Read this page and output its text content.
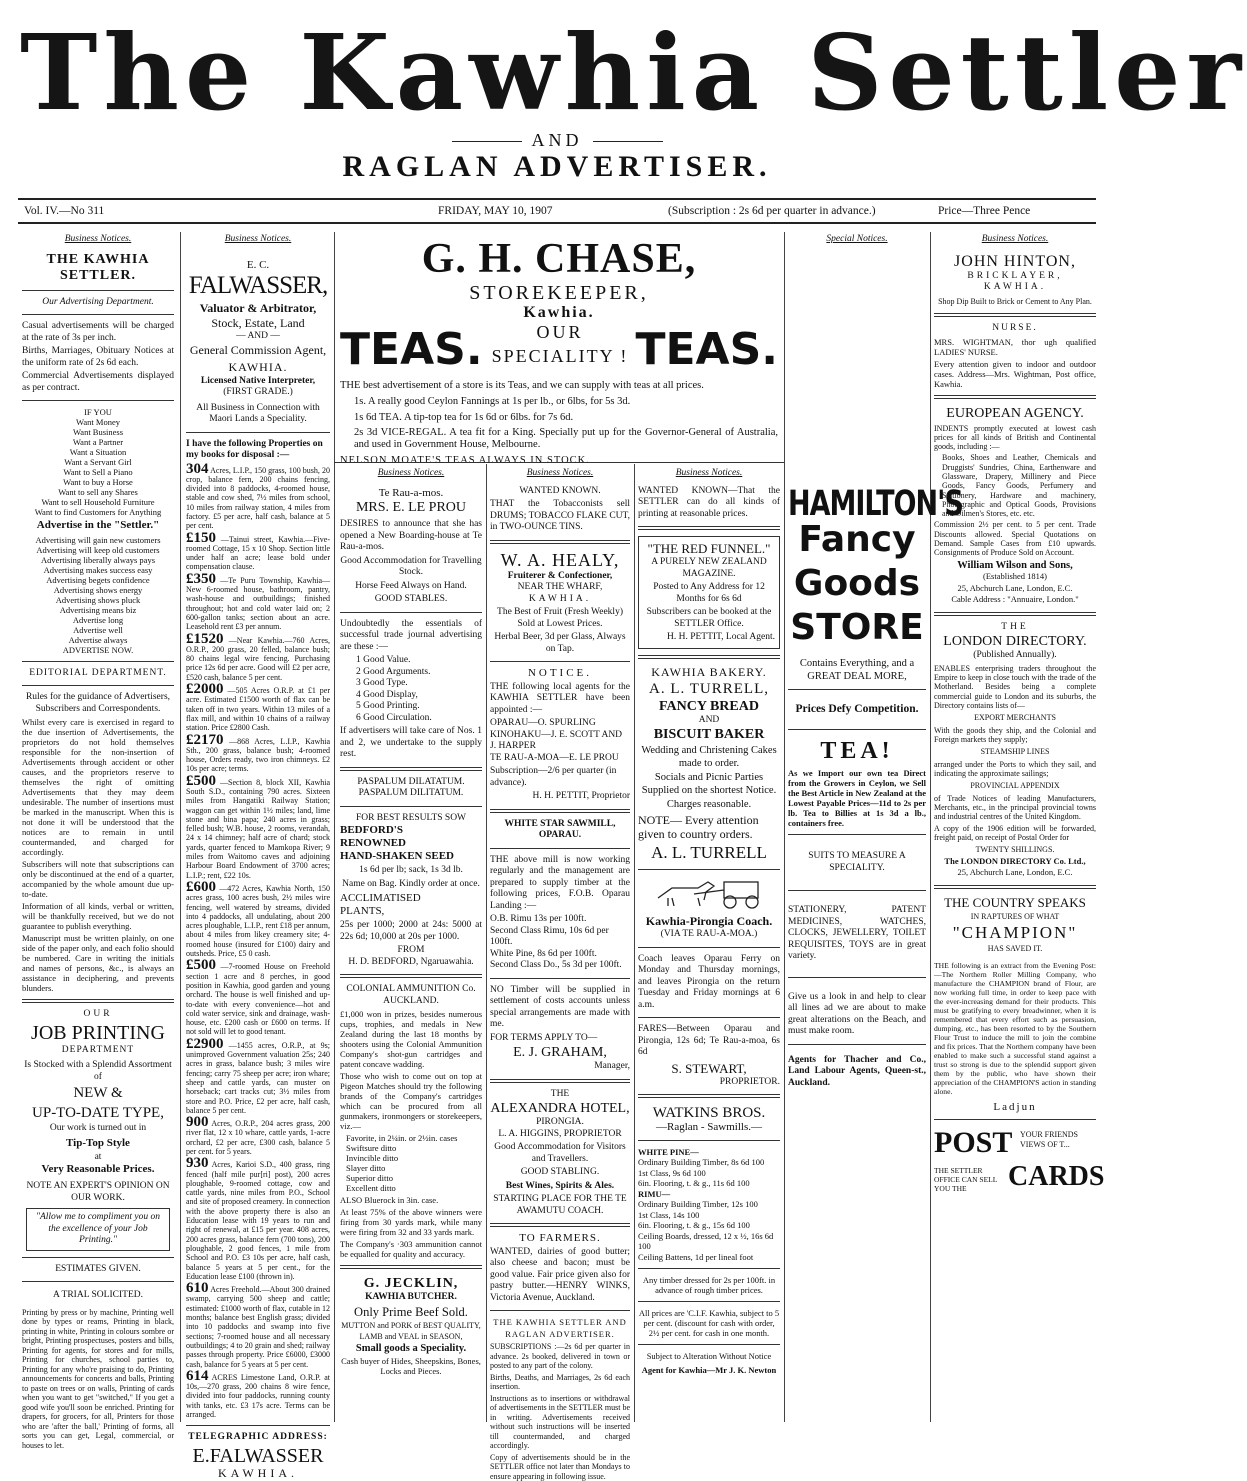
The Kawhia Settler
AND
RAGLAN ADVERTISER.
Vol. IV.—No 311	FRIDAY, MAY 10, 1907	(Subscription : 2s 6d per quarter in advance.)	Price—Three Pence
Business Notices.
THE KAWHIA SETTLER.
Our Advertising Department.

Casual advertisements will be charged at the rate of 3s per inch.

Births, Marriages, Obituary Notices at the uniform rate of 2s 6d each.

Commercial Advertisements displayed as per contract.

IF YOU
Want Money
Want Business
Want a Partner
Want a Situation
Want a Servant Girl
Want to Sell a Piano
Want to buy a Horse
Want to sell any Shares
Want to sell Household Furniture
Want to find Customers for Anything
Advertise in the "Settler."
Advertising will gain new customers
Advertising will keep old customers
Advertising liberally always pays
Advertising makes success easy
Advertising begets confidence
Advertising shows energy
Advertising shows pluck
Advertising means biz
Advertise long
Advertise well
Advertise always
ADVERTISE NOW.
EDITORIAL DEPARTMENT.

Rules for the guidance of Advertisers, Subscribers and Correspondents.

Whilst every care is exercised in regard to the due insertion of Advertisements, the proprietors do not hold themselves responsible for the non-insertion of Advertisements through accident or other causes, and the proprietors reserve to themselves the right of omitting Advertisements that they may deem undesirable. The number of insertions must be marked in the manuscript. When this is not done it will be understood that the notices are to remain in until countermanded, and charged for accordingly.

Subscribers will note that subscriptions can only be discontinued at the end of a quarter, accompanied by the whole amount due up-to-date.

Information of all kinds, verbal or written, will be thankfully received, but we do not guarantee to publish everything.

Manuscript must be written plainly, on one side of the paper only, and each folio should be numbered. Care in writing the initials and names of persons, &c., is always an assistance in deciphering, and prevents blunders.

OUR
JOB PRINTING
DEPARTMENT
Is Stocked with a Splendid Assortment of
NEW &
UP-TO-DATE TYPE,
Our work is turned out in
Tip-Top Style
at
Very Reasonable Prices.
NOTE AN EXPERT'S OPINION ON OUR WORK.
"Allow me to compliment you on the excellence of your Job Printing."
ESTIMATES GIVEN.
A TRIAL SOLICITED.

Printing by press or by machine, Printing well done by types or reams, Printing in black, printing in white, Printing in colours sombre or bright, Printing prospectuses, posters and bills, Printing for agents, for stores and for mills, Printing for churches, school parties to, Printing for any who're praising to do, Printing announcements for concerts and balls, Printing to paste on trees or on walls, Printing of cards when you want to get "switched," If you get a good wife you'll soon be enriched. Printing for drapers, for grocers, for all, Printers for those who are 'after the ball,' Printing of forms, all sorts you can get, Legal, commercial, or houses to let.

Business Notices.
E. C.
FALWASSER,
Valuator & Arbitrator,
Stock, Estate, Land
— AND —
General Commission Agent,
KAWHIA.
Licensed Native Interpreter,
(FIRST GRADE.)

All Business in Connection with Maori Lands a Speciality.

I have the following Properties on my books for disposal :—

304 Acres, L.I.P., 150 grass, 100 bush, 20 crop, balance fern, 200 chains fencing, divided into 8 paddocks, 4-roomed house, stable and cow shed, 7½ miles from school, 10 miles from railway station, 4 miles from factory. £5 per acre, half cash, balance at 5 per cent.
£150 —Tainui street, Kawhia.—Five-roomed Cottage, 15 x 10 Shop. Section little under half an acre; lease bold under compensation clause.
£350 —Te Puru Township, Kawhia—New 6-roomed house, bathroom, pantry, wash-house and outbuildings; finished throughout; hot and cold water laid on; 2 600-gallon tanks; section about an acre. Leasehold rent £3 per annum.
£1520 —Near Kawhia.—760 Acres, O.R.P., 200 grass, 20 felled, balance bush; 80 chains legal wire fencing. Purchasing price 12s 6d per acre. Good will £2 per acre, £520 cash, balance 5 per cent.
£2000 —505 Acres O.R.P. at £1 per acre. Estimated £1500 worth of flax can be taken off in two years. Within 13 miles of a flax mill, and within 10 chains of a railway station. Price £2800 Cash.
£2170 —868 Acres, L.I.P., Kawhia Sth., 200 grass, balance bush; 4-roomed house, Orders ready, two iron chimneys. £2 10s per acre; terms.
£500 —Section 8, block XII, Kawhia South S.D., containing 790 acres. Sixteen miles from Hangatiki Railway Station; waggon can get within 1½ miles; land, lime stone and bina papa; 240 acres in grass; felled bush; W.B. house, 2 rooms, verandah, 24 x 14 chimney; half acre of chard; stock yards, quarter fenced to Mamkopa River; 9 miles from Waitomo caves and adjoining Harbour Board Endowment of 3700 acres; L.I.P.; rent, £22 10s.
£600 —472 Acres, Kawhia North, 150 acres grass, 100 acres bush, 2½ miles wire fencing, well watered by streams, divided into 4 paddocks, all undulating, about 200 acres ploughable, L.I.P., rent £18 per annum, about 4 miles from likey creamery site; 4-roomed house (insured for £100) dairy and outsheds. Price, £5 0 cash.
£500 —7-roomed House on Freehold section 1 acre and 8 perches, in good position in Kawhia, good garden and young orchard. The house is well finished and up-to-date with every convenience—hot and cold water service, sink and drainage, wash-house, etc. £200 cash or £600 on terms. If not sold will let to good tenant.
£2900 —1455 acres, O.R.P., at 9s; unimproved Government valuation 25s; 240 acres in grass, balance bush; 3 miles wire fencing; carry 75 sheep per acre; iron whare; sheep and cattle yards, can muster on horseback; cart tracks cut; 3½ miles from store and P.O. Price, £2 per acre, half cash, balance 5 per cent.
900 Acres, O.R.P., 204 acres grass, 200 river flat, 12 x 10 whare, cattle yards, 1-acre orchard, £2 per acre, £300 cash, balance 5 per cent. for 5 years.
930 Acres, Karioi S.D., 400 grass, ring fenced (half mile pur[ri] post), 200 acres ploughable, 9-roomed cottage, cow and cattle yards, nine miles from P.O., School and site of proposed creamery. In connection with the above property there is also an Education lease with 19 years to run and right of renewal, at £15 per year. 408 acres, 200 acres grass, balance fern (700 tons), 200 ploughable, 2 good fences, 1 mile from School and P.O. £3 10s per acre, half cash, balance 5 years at 5 per cent., for the Education lease £100 (thrown in).
610 Acres Freehold.—About 300 drained swamp, carrying 500 sheep and cattle; estimated: £1000 worth of flax, cutable in 12 months; balance best English grass; divided into 10 paddocks and swamp into five sections; 7-roomed house and all necessary outbuildings; 4 to 20 grain and shed; railway passes through property. Price £6000, £3000 cash, balance for 5 years at 5 per cent.
614 ACRES Limestone Land, O.R.P. at 10s,—270 grass, 200 chains 8 wire fence, divided into four paddocks, running county with tanks, etc. £3 17s acre. Terms can be arranged.
TELEGRAPHIC ADDRESS:
E.FALWASSER
KAWHIA.
G. H. CHASE,
STOREKEEPER,
Kawhia.
TEAS.	OUR
SPECIALITY ! TEAS.

THE best advertisement of a store is its Teas, and we can supply with teas at all prices.

1s. A really good Ceylon Fannings at 1s per lb., or 6lbs, for 5s 3d.

1s 6d TEA. A tip-top tea for 1s 6d or 6lbs. for 7s 6d.

2s 3d VICE-REGAL. A tea fit for a King. Specially put up for the Governor-General of Australia, and used in Government House, Melbourne.

NELSON MOATE'S TEAS ALWAYS IN STOCK.

Business Notices.
Te Rau-a-mos.
MRS. E. LE PROU

DESIRES to announce that she has opened a New Boarding-house at Te Rau-a-mos.

Good Accommodation for Travelling Stock.

Horse Feed Always on Hand.

GOOD STABLES.

Undoubtedly the essentials of successful trade journal advertising are these :—

1 Good Value.
2 Good Arguments.
3 Good Type.
4 Good Display,
5 Good Printing.
6 Good Circulation.

If advertisers will take care of Nos. 1 and 2, we undertake to the supply rest.

PASPALUM DILATATUM.
PASPALUM DILITATUM.
FOR BEST RESULTS SOW
BEDFORD'S
RENOWNED
HAND-SHAKEN SEED

1s 6d per lb; sack, 1s 3d lb.

Name on Bag. Kindly order at once.

ACCLIMATISED
PLANTS,

25s per 1000; 2000 at 24s: 5000 at 22s 6d; 10,000 at 20s per 1000.

FROM
H. D. BEDFORD, Ngaruawahia.
COLONIAL AMMUNITION Co. AUCKLAND.

£1,000 won in prizes, besides numerous cups, trophies, and medals in New Zealand during the last 18 months by shooters using the Colonial Ammunition Company's shot-gun cartridges and patent concave wadding.

Those who wish to come out on top at Pigeon Matches should try the following brands of the Company's cartridges which can be procured from all gunmakers, ironmongers or storekeepers, viz.—

Favorite, in 2¼in. or 2½in. cases
Swiftsure ditto
Invincible ditto
Slayer ditto
Superior ditto
Excellent ditto

ALSO Bluerock in 3in. case.

At least 75% of the above winners were firing from 30 yards mark, while many were firing from 32 and 33 yards mark.

The Company's ·303 ammunition cannot be equalled for quality and accuracy.

G. JECKLIN,
KAWHIA BUTCHER.
Only Prime Beef Sold.
MUTTON and PORK of BEST QUALITY,
LAMB and VEAL in SEASON,
Small goods a Speciality.

Cash buyer of Hides, Sheepskins, Bones, Locks and Pieces.

Business Notices.
WANTED KNOWN.

THAT the Tobacconists sell DRUMS; TOBACCO FLAKE CUT, in TWO-OUNCE TINS.

W. A. HEALY,
Fruiterer & Confectioner,
NEAR THE WHARF,
KAWHIA.

The Best of Fruit (Fresh Weekly) Sold at Lowest Prices.

Herbal Beer, 3d per Glass, Always on Tap.

NOTICE.

THE following local agents for the KAWHIA SETTLER have been appointed :—

OPARAU—O. SPURLING
KINOHAKU—J. E. SCOTT AND J. HARPER
TE RAU-A-MOA—E. LE PROU

Subscription—2/6 per quarter (in advance).

H. H. PETTIT, Proprietor

WHITE STAR SAWMILL, OPARAU.

THE above mill is now working regularly and the management are prepared to supply timber at the following prices, F.O.B. Oparau Landing :—

O.B. Rimu 13s per 100ft.
Second Class Rimu, 10s 6d per 100ft.
White Pine, 8s 6d per 100ft.
Second Class Do., 5s 3d per 100ft.

NO Timber will be supplied in settlement of costs accounts unless special arrangements are made with me.

FOR TERMS APPLY TO—
E. J. GRAHAM,
Manager,
THE
ALEXANDRA HOTEL,
PIRONGIA.
L. A. HIGGINS, PROPRIETOR

Good Accommodation for Visitors and Travellers.

GOOD STABLING.

Best Wines, Spirits & Ales.

STARTING PLACE FOR THE TE AWAMUTU COACH.

TO FARMERS.

WANTED, dairies of good butter; also cheese and bacon; must be good value. Fair price given also for pastry butter.—HENRY WINKS, Victoria Avenue, Auckland.

THE KAWHIA SETTLER AND RAGLAN ADVERTISER.

SUBSCRIPTIONS :—2s 6d per quarter in advance. 2s booked, delivered in town or posted to any part of the colony.

Births, Deaths, and Marriages, 2s 6d each insertion.

Instructions as to insertions or withdrawal of advertisements in the SETTLER must be in writing. Advertisements received without such instructions will be inserted till countermanded, and charged accordingly.

Copy of advertisements should be in the SETTLER office not later than Mondays to ensure appearing in following issue.

Business Notices.

WANTED KNOWN—That the SETTLER can do all kinds of printing at reasonable prices.

"THE RED FUNNEL."
A PURELY NEW ZEALAND MAGAZINE.

Posted to Any Address for 12 Months for 6s 6d

Subscribers can be booked at the SETTLER Office.

H. H. PETTIT, Local Agent.
KAWHIA BAKERY.
A. L. TURRELL,
FANCY BREAD
AND
BISCUIT BAKER

Wedding and Christening Cakes made to order.

Socials and Picnic Parties Supplied on the shortest Notice.

Charges reasonable.

NOTE— Every attention given to country orders.

A. L. TURRELL
Kawhia-Pirongia Coach.
(VIA TE RAU-A-MOA.)

Coach leaves Oparau Ferry on Monday and Thursday mornings, and leaves Pirongia on the return Tuesday and Friday mornings at 6 a.m.

FARES—Between Oparau and Pirongia, 12s 6d; Te Rau-a-moa, 6s 6d

S. STEWART,
PROPRIETOR.
WATKINS BROS.
—Raglan - Sawmills.—
WHITE PINE—
Ordinary Building Timber, 8s 6d 100
1st Class, 9s 6d 100
6in. Flooring, t. & g., 11s 6d 100
RIMU—
Ordinary Building Timber, 12s 100
1st Class, 14s 100
6in. Flooring, t. & g., 15s 6d 100
Ceiling Boards, dressed, 12 x ½, 16s 6d 100
Ceiling Battens, 1d per lineal foot

Any timber dressed for 2s per 100ft. in advance of rough timber prices.

All prices are 'C.I.F. Kawhia, subject to 5 per cent. (discount for cash with order, 2½ per cent. for cash in one month.

Subject to Alteration Without Notice

Agent for Kawhia—Mr J. K. Newton

Special Notices.
HAMILTON'S
Fancy
Goods
STORE

Contains Everything, and a

GREAT DEAL MORE,

Prices Defy Competition.

TEA!

As we Import our own tea Direct from the Growers in Ceylon, we Sell the Best Article in New Zealand at the Lowest Payable Prices—11d to 2s per lb. Tea to Billies at 1s 3d a lb., containers free.

SUITS TO MEASURE A SPECIALITY.

STATIONERY, PATENT MEDICINES, WATCHES, CLOCKS, JEWELLERY, TOILET REQUISITES, TOYS are in great variety.

Give us a look in and help to clear all lines ad we are about to make great alterations on the Beach, and must make room.

Agents for Thacher and Co., Land Labour Agents, Queen-st., Auckland.

Business Notices.
JOHN HINTON,
BRICKLAYER,
KAWHIA.

Shop Dip Built to Brick or Cement to Any Plan.

NURSE.

MRS. WIGHTMAN, thor ugh qualified LADIES' NURSE.

Every attention given to indoor and outdoor cases. Address—Mrs. Wightman, Post office, Kawhia.

EUROPEAN AGENCY.

INDENTS promptly executed at lowest cash prices for all kinds of British and Continental goods, including :—

Books, Shoes and Leather, Chemicals and Druggists' Sundries, China, Earthenware and Glassware, Drapery, Millinery and Piece Goods, Fancy Goods, Perfumery and Stationery, Hardware and machinery, Photographic and Optical Goods, Provisions and Oilmen's Stores, etc. etc.

Commission 2½ per cent. to 5 per cent. Trade Discounts allowed. Special Quotations on Demand. Sample Cases from £10 upwards. Consignments of Produce Sold on Account.

William Wilson and Sons,
(Established 1814)
25, Abchurch Lane, London, E.C.
Cable Address : "Annuaire, London."
THE
LONDON DIRECTORY.
(Published Annually).

ENABLES enterprising traders throughout the Empire to keep in close touch with the trade of the Motherland. Besides being a complete commercial guide to London and its suburbs, the Directory contains lists of—

EXPORT MERCHANTS

With the goods they ship, and the Colonial and Foreign markets they supply;

STEAMSHIP LINES

arranged under the Ports to which they sail, and indicating the approximate sailings;

PROVINCIAL APPENDIX

of Trade Notices of leading Manufacturers, Merchants, etc., in the principal provincial towns and industrial centres of the United Kingdom.

A copy of the 1906 edition will be forwarded, freight paid, on receipt of Postal Order for

TWENTY SHILLINGS.
The LONDON DIRECTORY Co. Ltd.,
25, Abchurch Lane, London, E.C.
THE COUNTRY SPEAKS
IN RAPTURES OF WHAT
"CHAMPION"
HAS SAVED IT.

THE following is an extract from the Evening Post:—The Northern Roller Milling Company, who manufacture the CHAMPION brand of Flour, are now working full time, in order to keep pace with the ever-increasing demand for their products. This must be gratifying to every breadwinner, when it is remembered that every effort such as persuasion, dumping, etc., has been resorted to by the Southern Flour Trust to induce the mill to join the combine and fix prices. That the Northern company have been enabled to make such a successful stand against a trust so strong is due to the splendid support given them by the public, who have shown their appreciation of the CHAMPION'S action in standing alone.

Ladjun
POST YOUR FRIENDS VIEWS OF T...
THE SETTLER OFFICE CAN SELL YOU THE	CARDS
